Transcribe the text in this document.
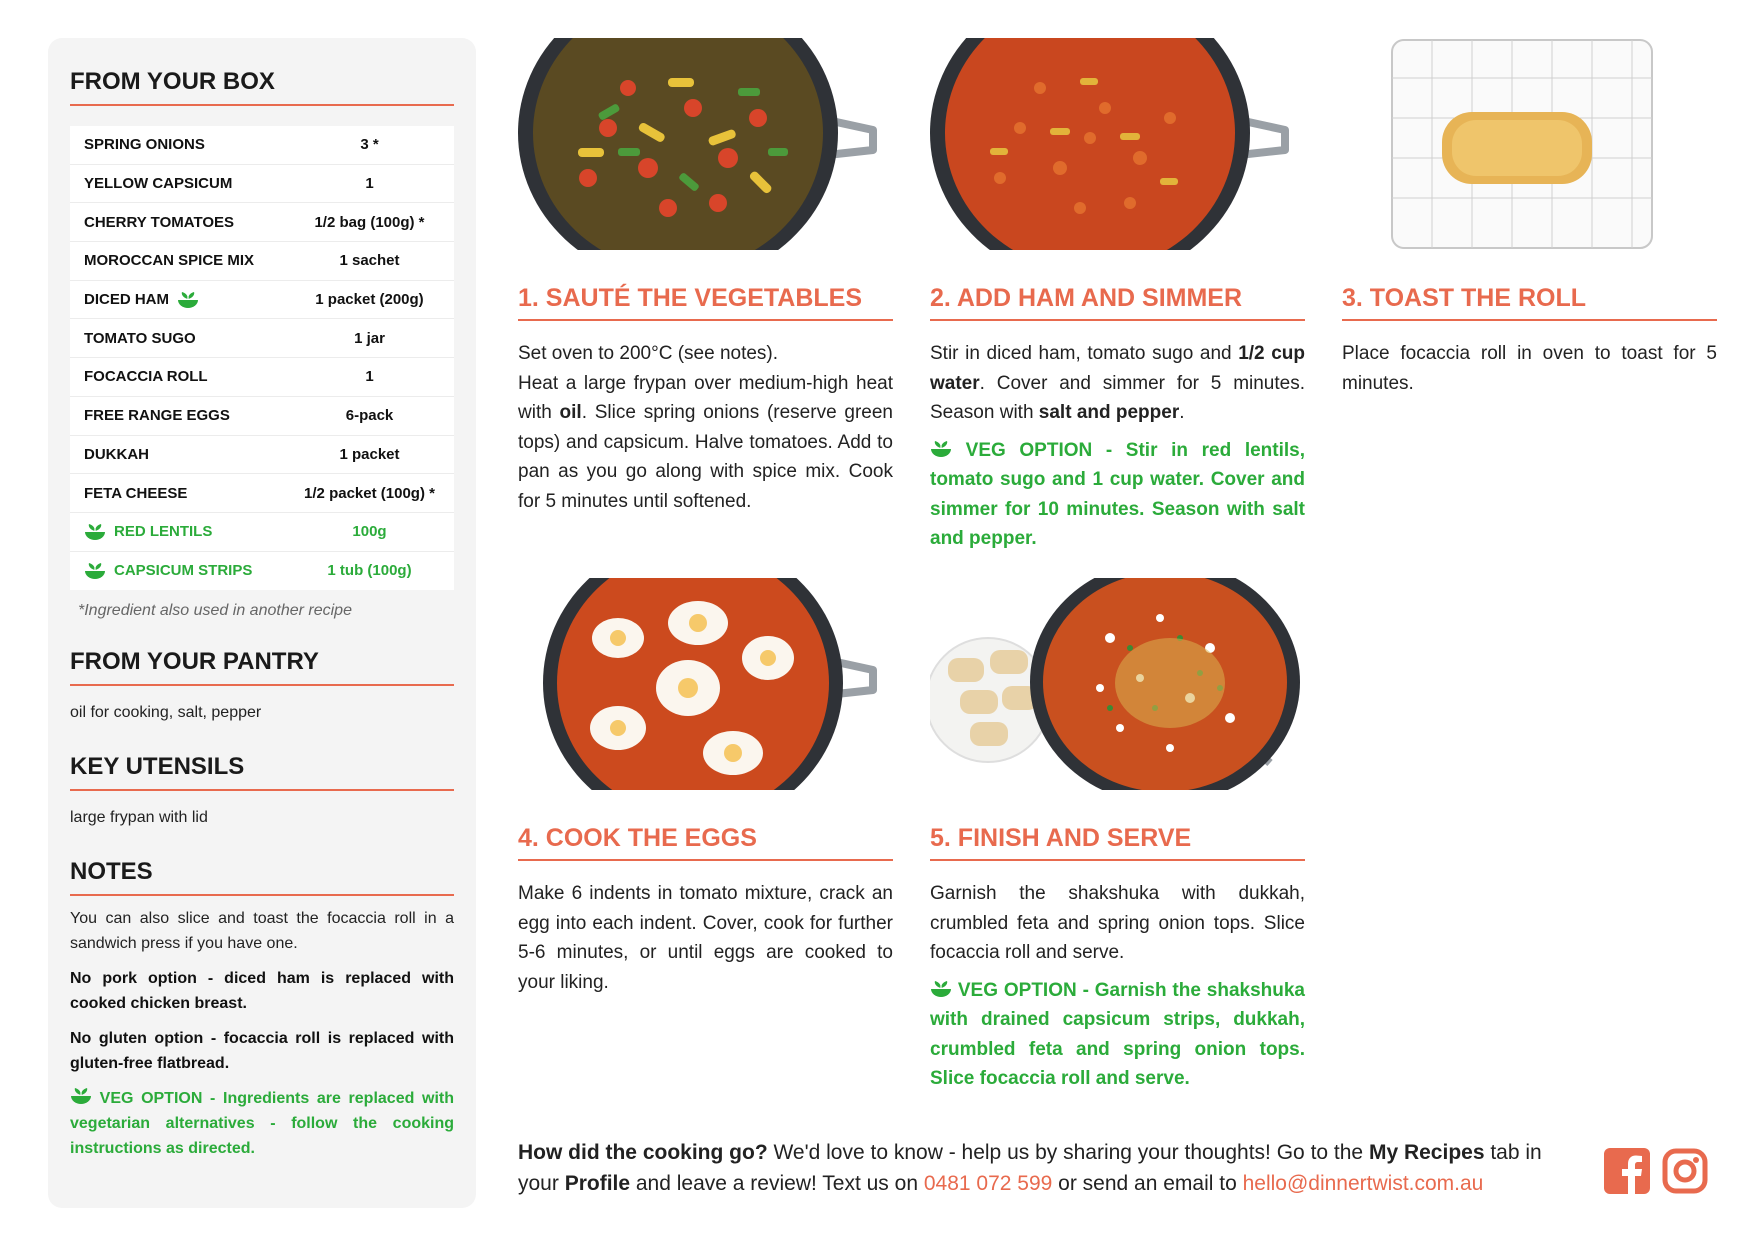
FROM YOUR BOX
SPRING ONIONS	3 *
YELLOW CAPSICUM	1
CHERRY TOMATOES	1/2 bag (100g) *
MOROCCAN SPICE MIX	1 sachet
DICED HAM	1 packet (200g)
TOMATO SUGO	1 jar
FOCACCIA ROLL	1
FREE RANGE EGGS	6-pack
DUKKAH	1 packet
FETA CHEESE	1/2 packet (100g) *
RED LENTILS	100g
CAPSICUM STRIPS	1 tub (100g)
*Ingredient also used in another recipe
FROM YOUR PANTRY
oil for cooking, salt, pepper
KEY UTENSILS
large frypan with lid
NOTES

You can also slice and toast the focaccia roll in a sandwich press if you have one.

No pork option - diced ham is replaced with cooked chicken breast.

No gluten option - focaccia roll is replaced with gluten-free flatbread.

VEG OPTION - Ingredients are replaced with vegetarian alternatives - follow the cooking instructions as directed.

1. SAUTÉ THE VEGETABLES
Set oven to 200°C (see notes).
Heat a large frypan over medium-high heat with oil. Slice spring onions (reserve green tops) and capsicum. Halve tomatoes. Add to pan as you go along with spice mix. Cook for 5 minutes until softened.
2. ADD HAM AND SIMMER
Stir in diced ham, tomato sugo and 1/2 cup water. Cover and simmer for 5 minutes. Season with salt and pepper.
VEG OPTION - Stir in red lentils, tomato sugo and 1 cup water. Cover and simmer for 10 minutes. Season with salt and pepper.
3. TOAST THE ROLL
Place focaccia roll in oven to toast for 5 minutes.
4. COOK THE EGGS
Make 6 indents in tomato mixture, crack an egg into each indent. Cover, cook for further 5-6 minutes, or until eggs are cooked to your liking.
5. FINISH AND SERVE
Garnish the shakshuka with dukkah, crumbled feta and spring onion tops. Slice focaccia roll and serve.
VEG OPTION - Garnish the shakshuka with drained capsicum strips, dukkah, crumbled feta and spring onion tops. Slice focaccia roll and serve.
How did the cooking go? We'd love to know - help us by sharing your thoughts! Go to the My Recipes tab in your Profile and leave a review! Text us on 0481 072 599 or send an email to hello@dinnertwist.com.au
